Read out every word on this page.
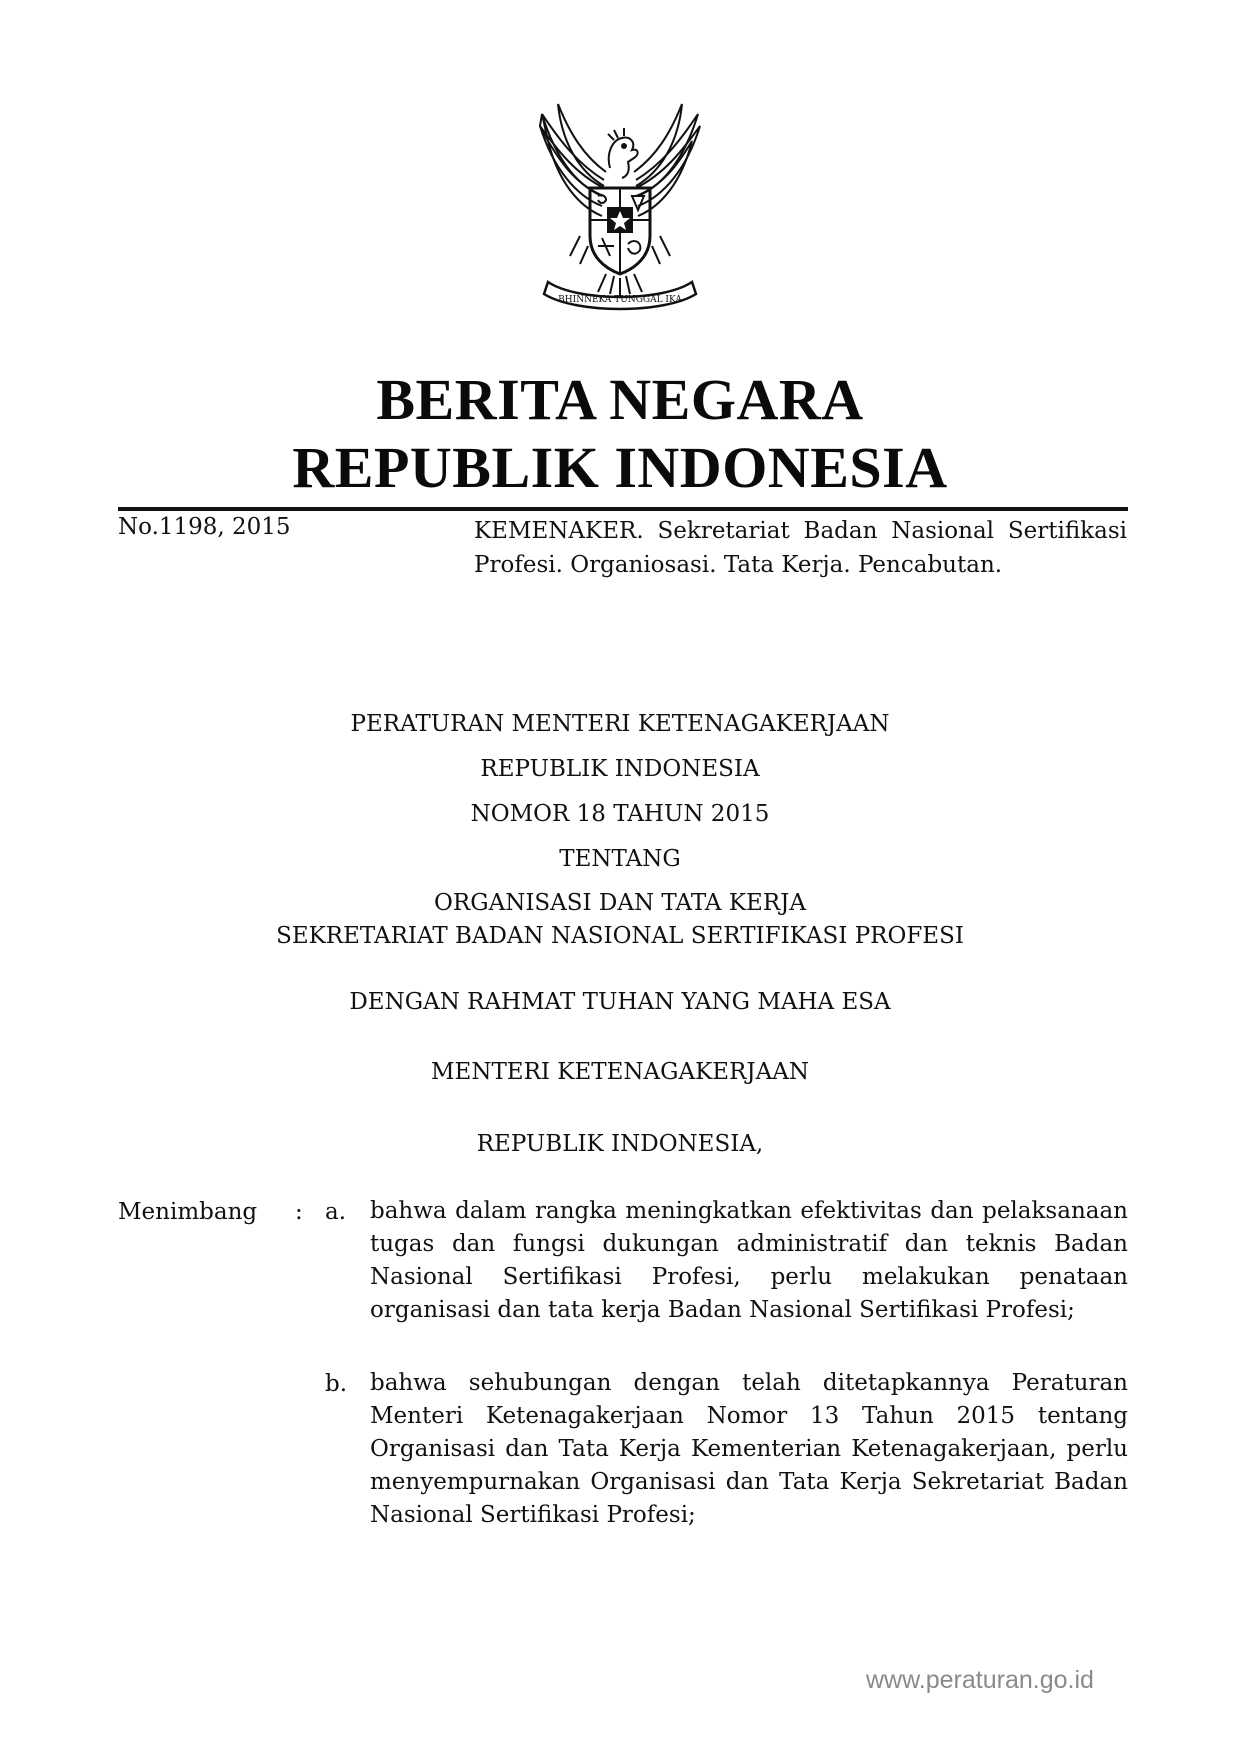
BHINNEKA TUNGGAL IKA
BERITA NEGARA
REPUBLIK INDONESIA
No.1198, 2015	KEMENAKER. Sekretariat Badan Nasional Sertifikasi Profesi. Organiosasi. Tata Kerja. Pencabutan.
PERATURAN MENTERI KETENAGAKERJAAN
REPUBLIK INDONESIA
NOMOR 18 TAHUN 2015
TENTANG
ORGANISASI DAN TATA KERJA
SEKRETARIAT BADAN NASIONAL SERTIFIKASI PROFESI
DENGAN RAHMAT TUHAN YANG MAHA ESA
MENTERI KETENAGAKERJAAN
REPUBLIK INDONESIA,
Menimbang : a. bahwa dalam rangka meningkatkan efektivitas dan pelaksanaan tugas dan fungsi dukungan administratif dan teknis Badan Nasional Sertifikasi Profesi, perlu melakukan penataan organisasi dan tata kerja Badan Nasional Sertifikasi Profesi;
b. bahwa sehubungan dengan telah ditetapkannya Peraturan Menteri Ketenagakerjaan Nomor 13 Tahun 2015 tentang Organisasi dan Tata Kerja Kementerian Ketenagakerjaan, perlu menyempurnakan Organisasi dan Tata Kerja Sekretariat Badan Nasional Sertifikasi Profesi;
www.peraturan.go.id
